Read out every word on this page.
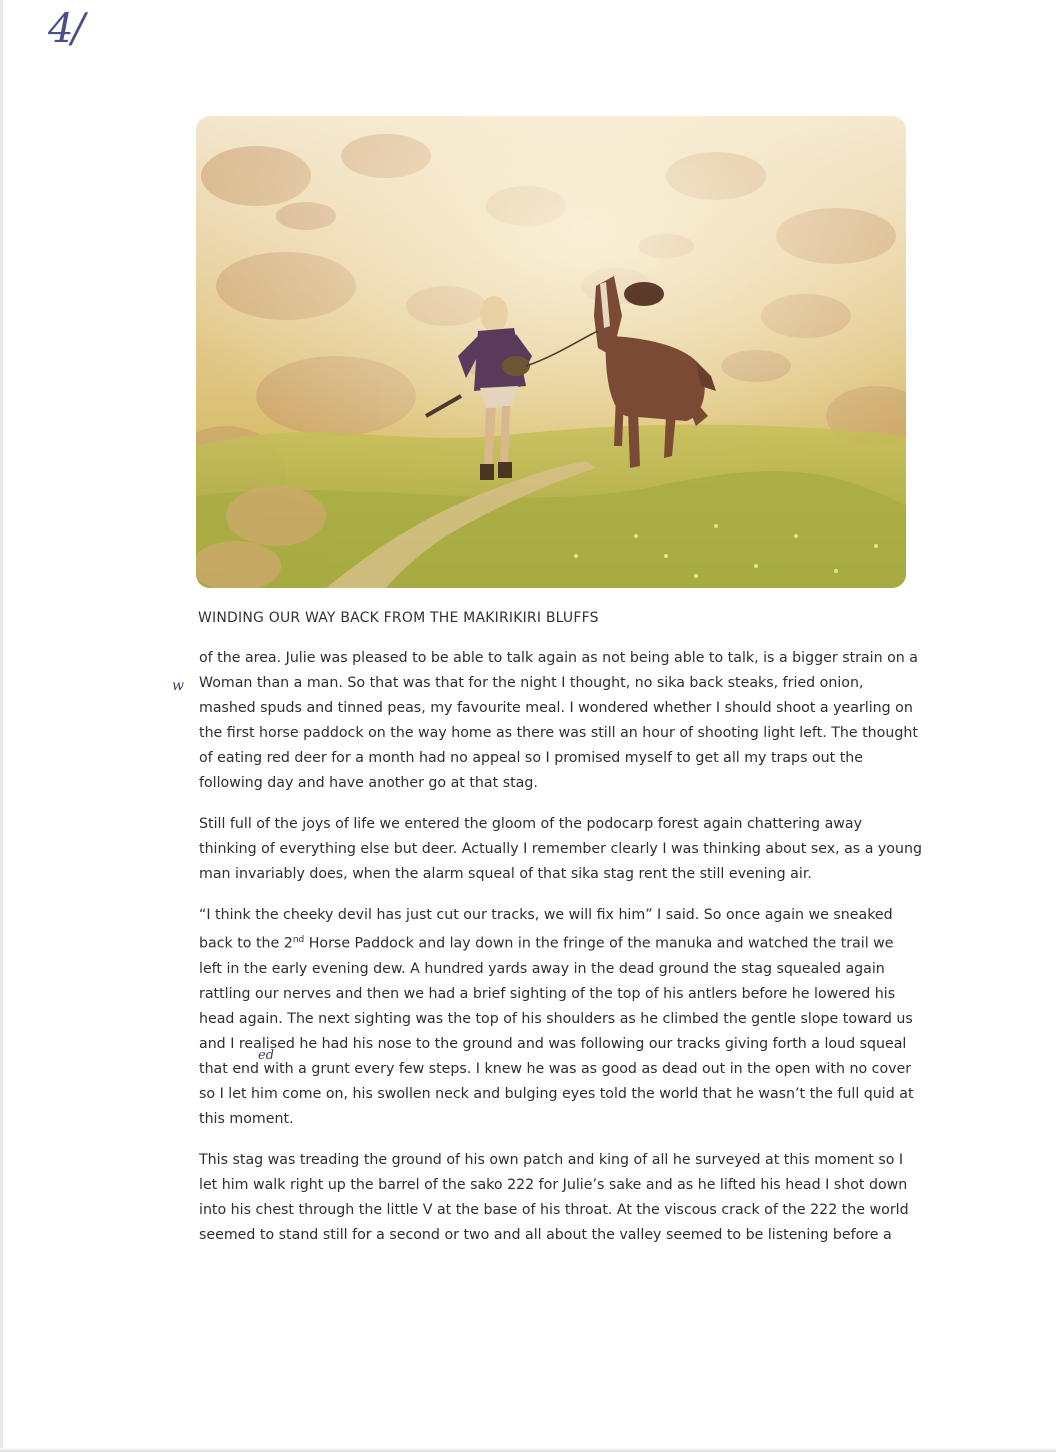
4/
WINDING OUR WAY BACK FROM THE MAKIRIKIRI BLUFFS
w
ed

of the area. Julie was pleased to be able to talk again as not being able to talk, is a bigger strain on a
Woman than a man. So that was that for the night I thought, no sika back steaks, fried onion,
mashed spuds and tinned peas, my favourite meal. I wondered whether I should shoot a yearling on
the first horse paddock on the way home as there was still an hour of shooting light left. The thought
of eating red deer for a month had no appeal so I promised myself to get all my traps out the
following day and have another go at that stag.

Still full of the joys of life we entered the gloom of the podocarp forest again chattering away
thinking of everything else but deer. Actually I remember clearly I was thinking about sex, as a young
man invariably does, when the alarm squeal of that sika stag rent the still evening air.

“I think the cheeky devil has just cut our tracks, we will fix him” I said. So once again we sneaked
back to the 2nd Horse Paddock and lay down in the fringe of the manuka and watched the trail we
left in the early evening dew. A hundred yards away in the dead ground the stag squealed again
rattling our nerves and then we had a brief sighting of the top of his antlers before he lowered his
head again. The next sighting was the top of his shoulders as he climbed the gentle slope toward us
and I realised he had his nose to the ground and was following our tracks giving forth a loud squeal
that end with a grunt every few steps. I knew he was as good as dead out in the open with no cover
so I let him come on, his swollen neck and bulging eyes told the world that he wasn’t the full quid at
this moment.

This stag was treading the ground of his own patch and king of all he surveyed at this moment so I
let him walk right up the barrel of the sako 222 for Julie’s sake and as he lifted his head I shot down
into his chest through the little V at the base of his throat. At the viscous crack of the 222 the world
seemed to stand still for a second or two and all about the valley seemed to be listening before a
